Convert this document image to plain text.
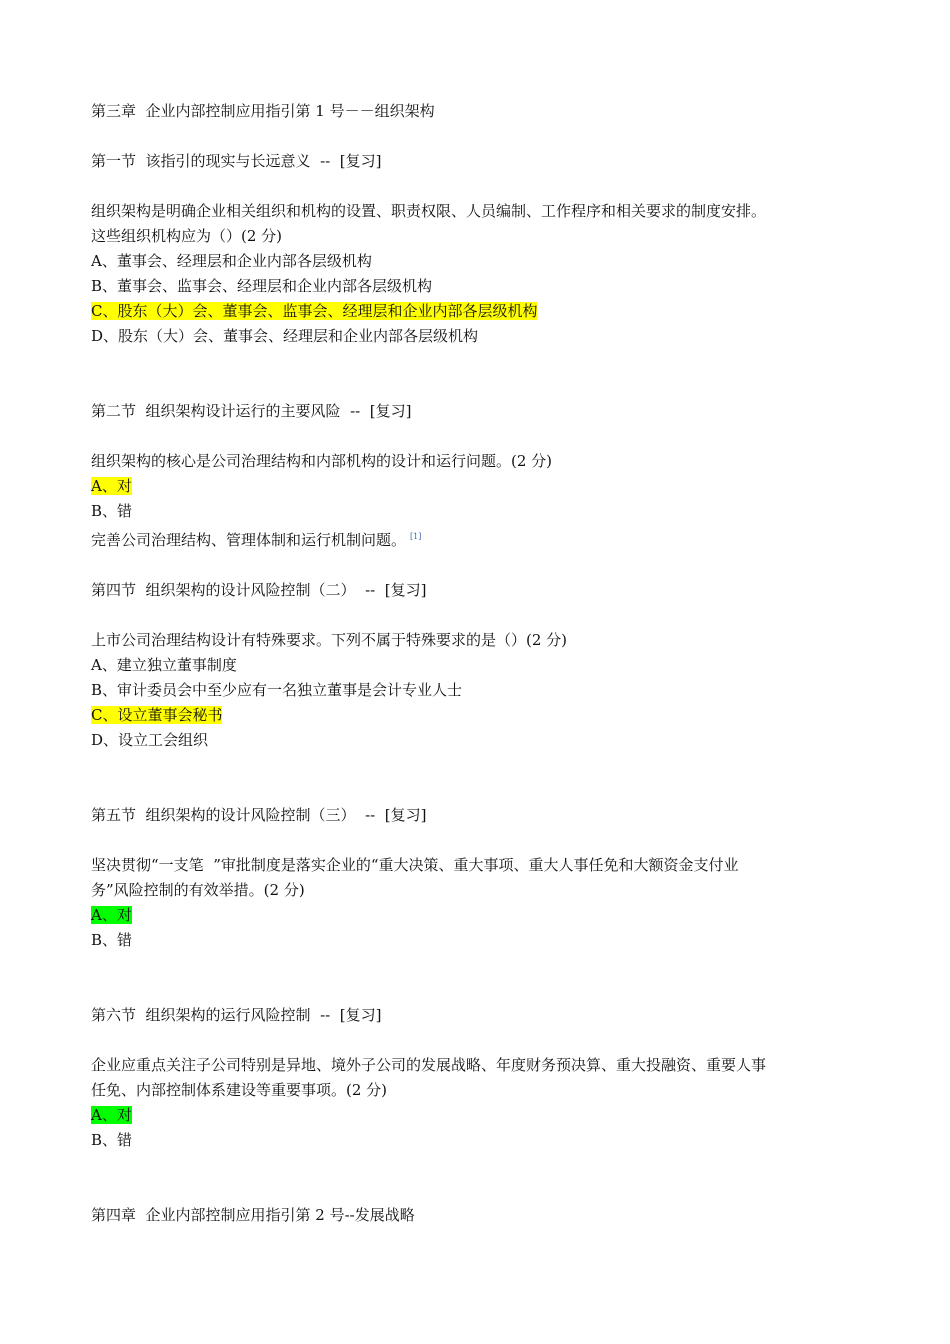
第三章  企业内部控制应用指引第 1 号－－组织架构

第一节  该指引的现实与长远意义  --  [复习]

组织架构是明确企业相关组织和机构的设置、职责权限、人员编制、工作程序和相关要求的制度安排。

这些组织机构应为（）(2 分)

A、董事会、经理层和企业内部各层级机构

B、董事会、监事会、经理层和企业内部各层级机构

C、股东（大）会、董事会、监事会、经理层和企业内部各层级机构

D、股东（大）会、董事会、经理层和企业内部各层级机构

第二节  组织架构设计运行的主要风险  --  [复习]

组织架构的核心是公司治理结构和内部机构的设计和运行问题。(2 分)

A、对

B、错

完善公司治理结构、管理体制和运行机制问题。 [1]

第四节  组织架构的设计风险控制（二）  --  [复习]

上市公司治理结构设计有特殊要求。下列不属于特殊要求的是（）(2 分)

A、建立独立董事制度

B、审计委员会中至少应有一名独立董事是会计专业人士

C、设立董事会秘书

D、设立工会组织

第五节  组织架构的设计风险控制（三）  --  [复习]

坚决贯彻“一支笔  ”审批制度是落实企业的“重大决策、重大事项、重大人事任免和大额资金支付业

务”风险控制的有效举措。(2 分)

A、对

B、错

第六节  组织架构的运行风险控制  --  [复习]

企业应重点关注子公司特别是异地、境外子公司的发展战略、年度财务预决算、重大投融资、重要人事

任免、内部控制体系建设等重要事项。(2 分)

A、对

B、错

第四章  企业内部控制应用指引第 2 号--发展战略
